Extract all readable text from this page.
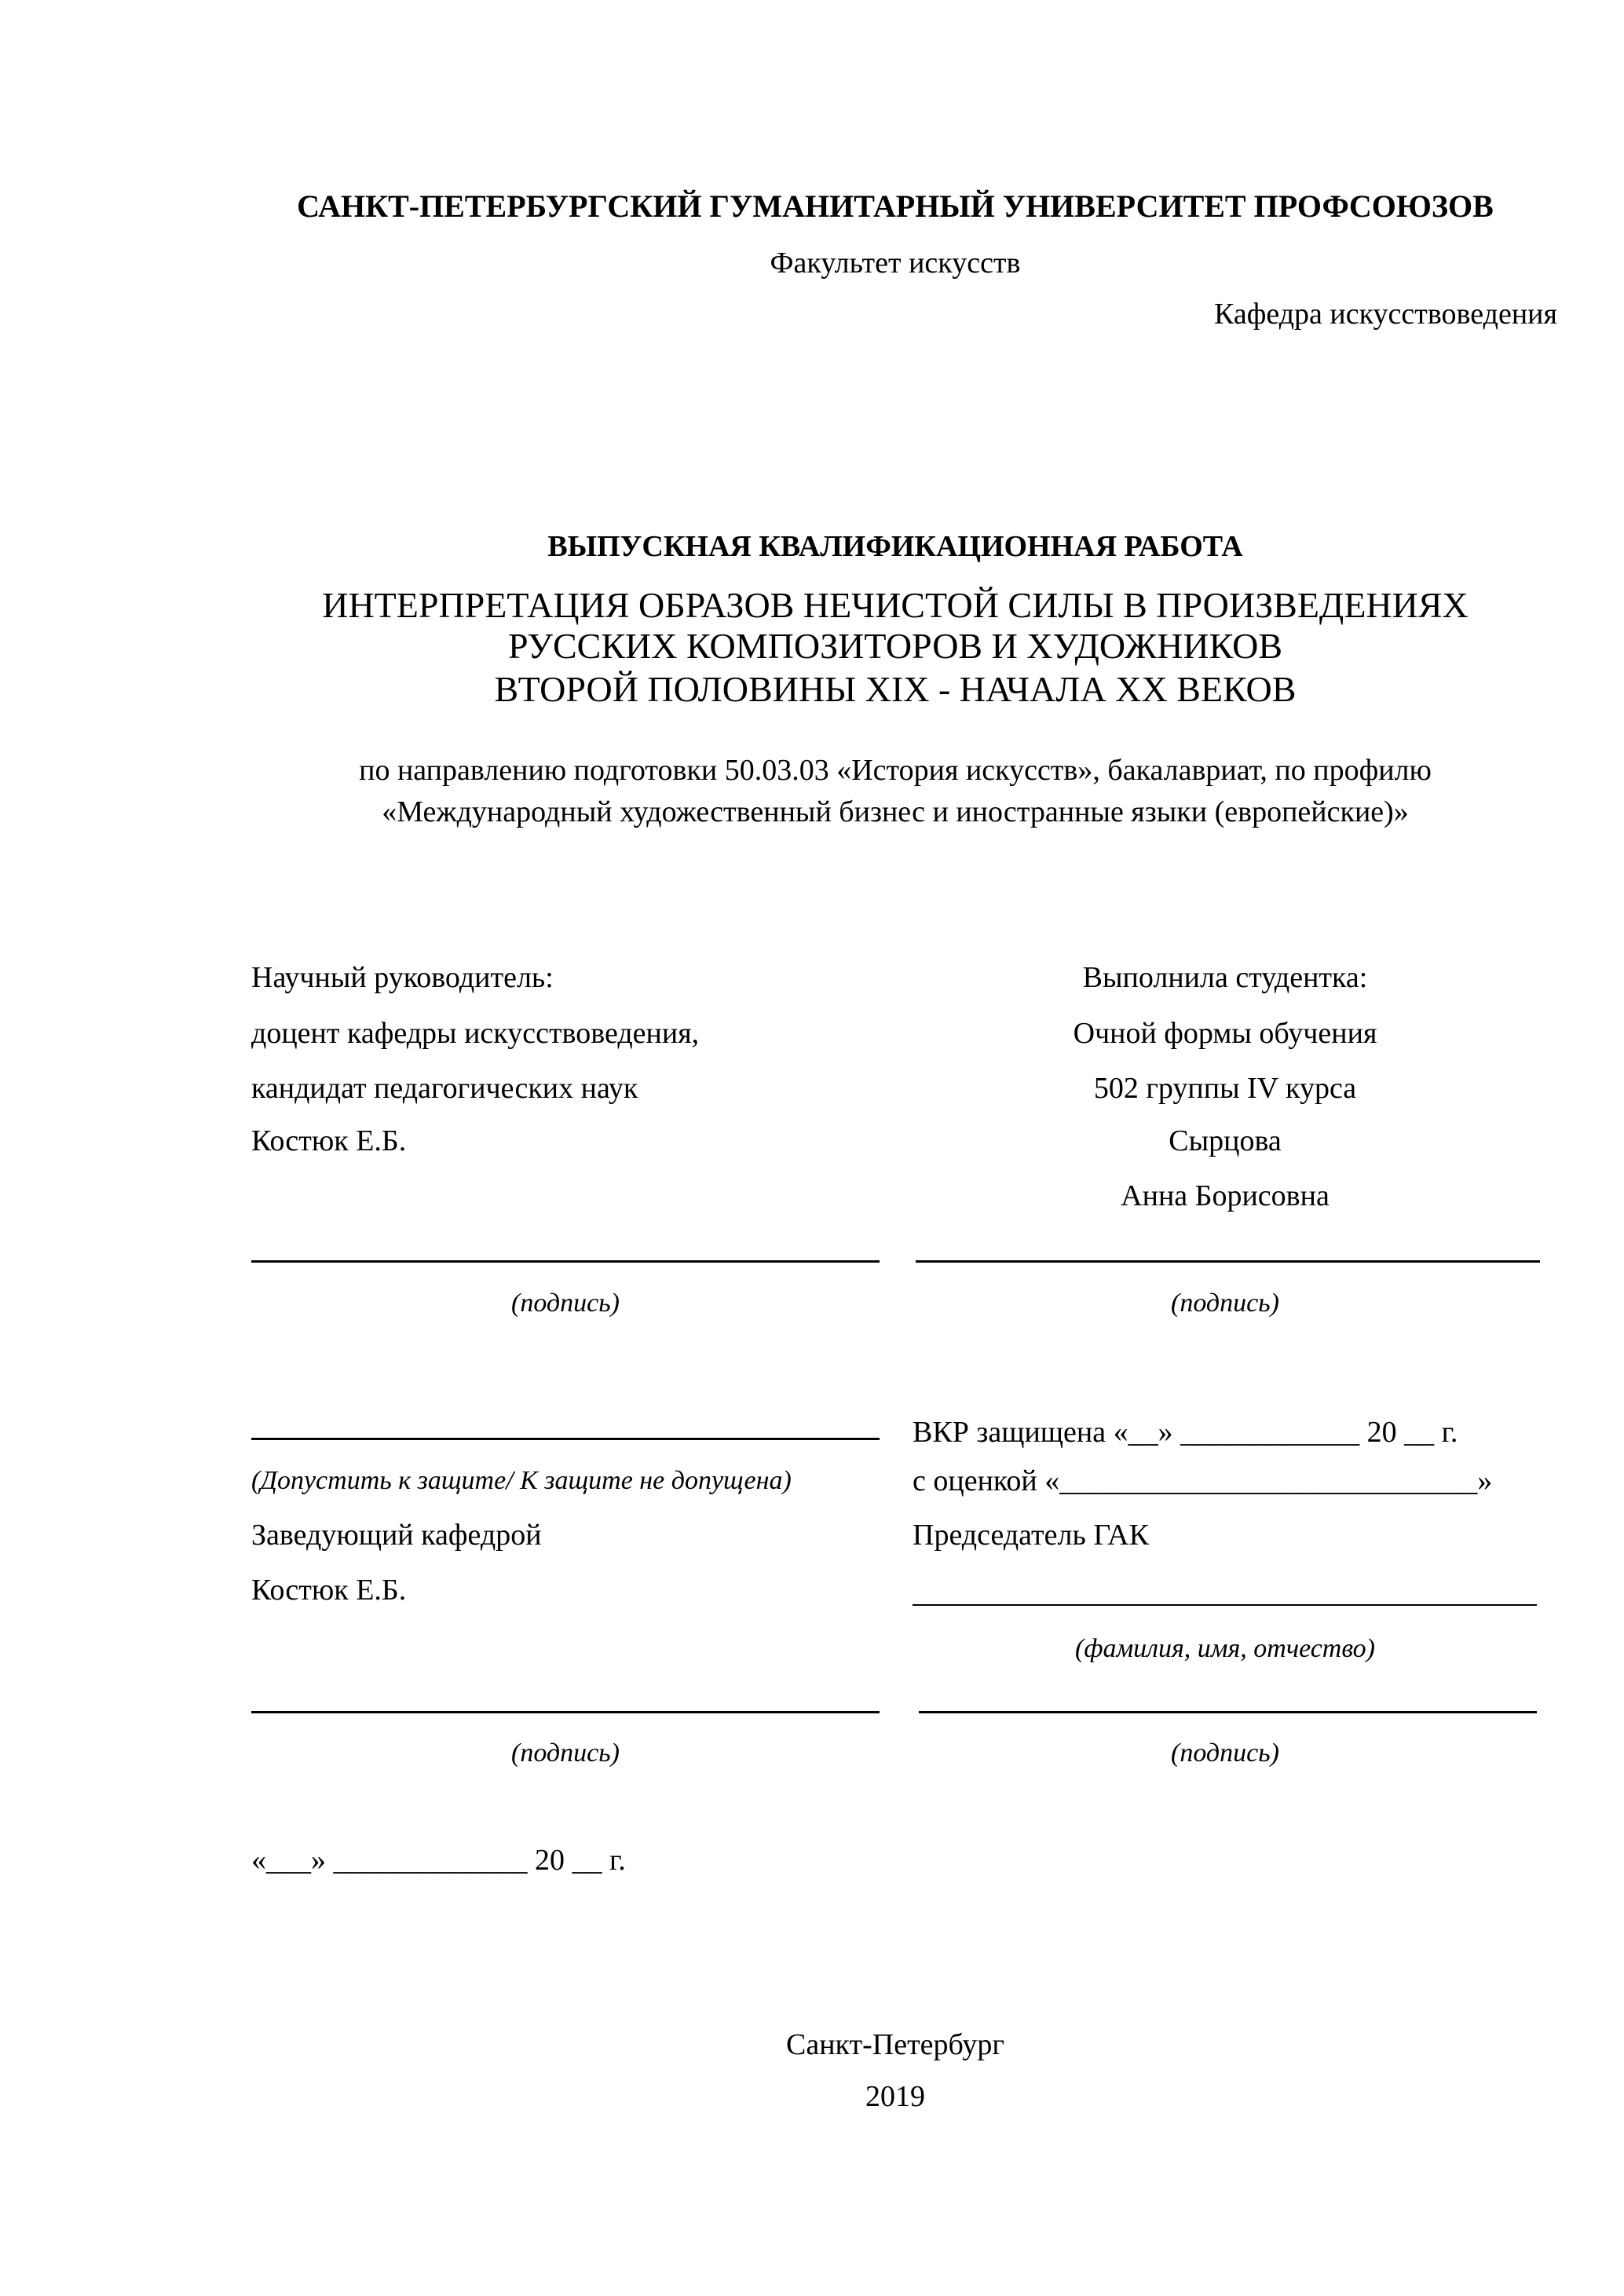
САНКТ-ПЕТЕРБУРГСКИЙ ГУМАНИТАРНЫЙ УНИВЕРСИТЕТ ПРОФСОЮЗОВ
Факультет искусств
Кафедра искусствоведения
ВЫПУСКНАЯ КВАЛИФИКАЦИОННАЯ РАБОТА
ИНТЕРПРЕТАЦИЯ ОБРАЗОВ НЕЧИСТОЙ СИЛЫ В ПРОИЗВЕДЕНИЯХ
РУССКИХ КОМПОЗИТОРОВ И ХУДОЖНИКОВ
ВТОРОЙ ПОЛОВИНЫ XIX - НАЧАЛА XX ВЕКОВ
по направлению подготовки 50.03.03 «История искусств», бакалавриат, по профилю
«Международный художественный бизнес и иностранные языки (европейские)»
Научный руководитель:
доцент кафедры искусствоведения,
кандидат педагогических наук
Костюк Е.Б.
Выполнила студентка:
Очной формы обучения
502 группы IV курса
Сырцова
Анна Борисовна
(подпись)	(подпись)
(Допустить к защите/ К защите не допущена)
Заведующий кафедрой
Костюк Е.Б.
(подпись)
«___» _____________ 20 __ г.
ВКР защищена «__» ____________ 20 __ г.
с оценкой «____________________________»
Председатель ГАК
(фамилия, имя, отчество)
(подпись)
Санкт-Петербург
2019
